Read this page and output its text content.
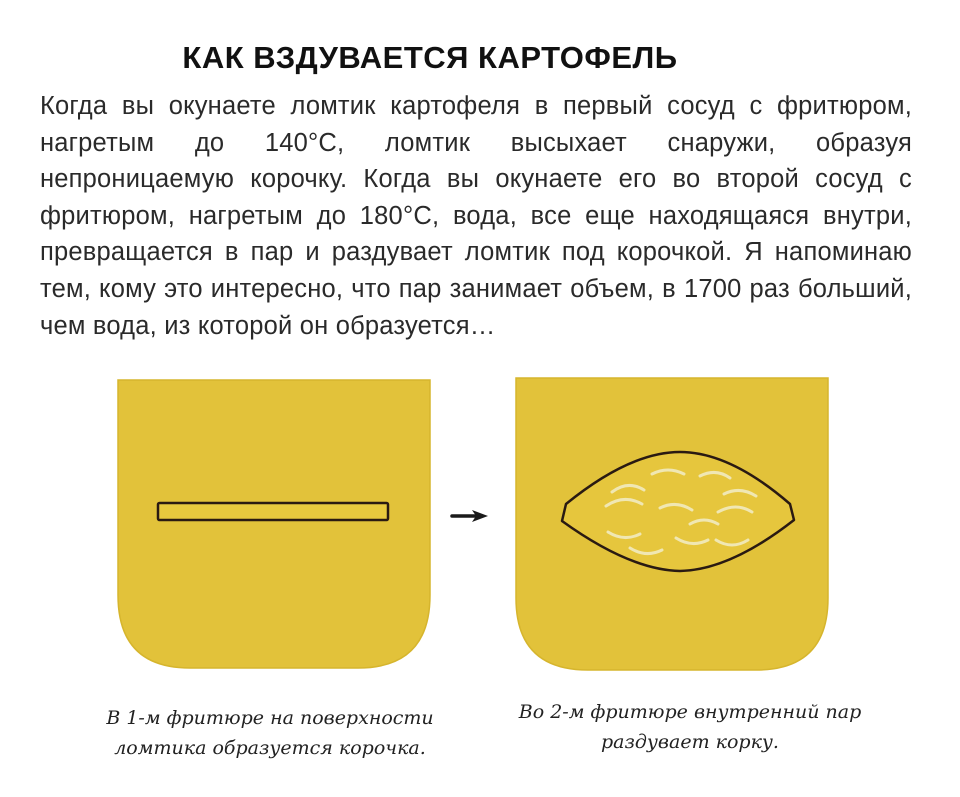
КАК ВЗДУВАЕТСЯ КАРТОФЕЛЬ

Когда вы окунаете ломтик картофеля в первый сосуд с фритюром, нагретым до 140°С, ломтик высыхает снаружи, образуя непроницаемую корочку. Когда вы окунаете его во второй сосуд с фритюром, нагретым до 180°С, вода, все еще находящаяся внутри, превращается в пар и раздувает ломтик под корочкой. Я напоминаю тем, кому это интересно, что пар занимает объем, в 1700 раз больший, чем вода, из которой он образуется…

В 1-м фритюре на поверхности ломтика образуется корочка.

Во 2-м фритюре внутренний пар раздувает корку.
